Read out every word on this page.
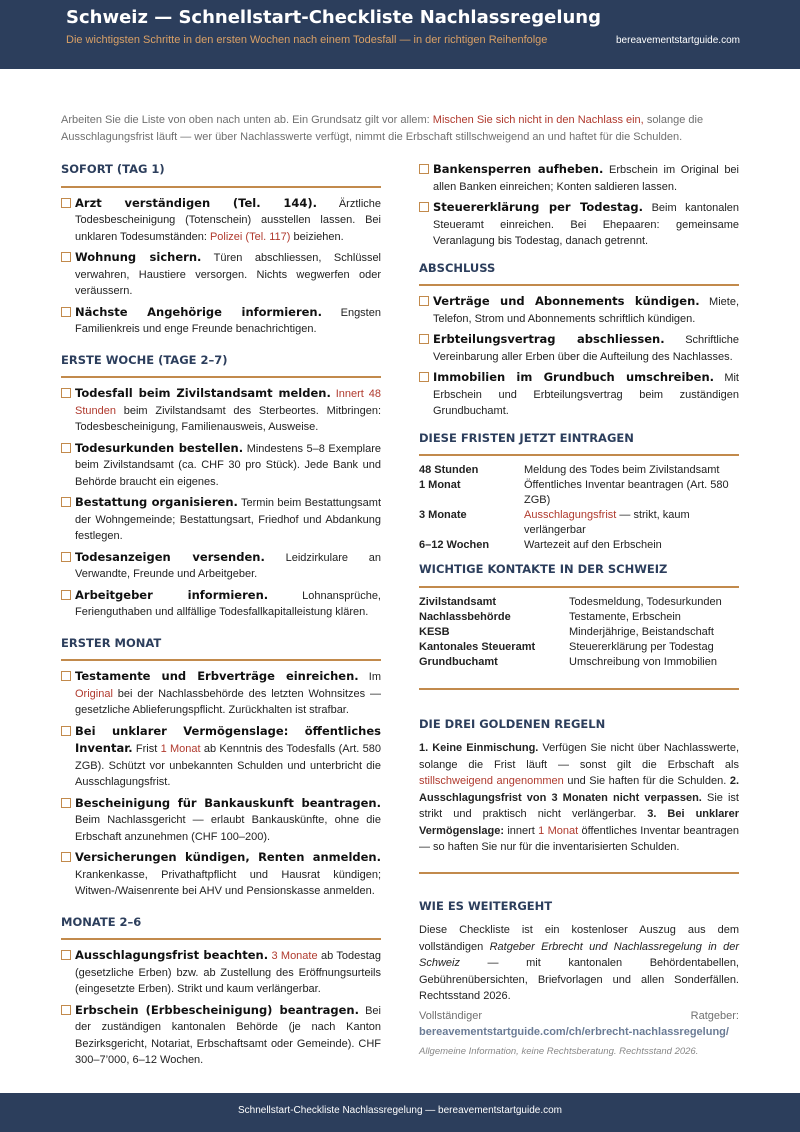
Schweiz — Schnellstart-Checkliste Nachlassregelung
Die wichtigsten Schritte in den ersten Wochen nach einem Todesfall — in der richtigen Reihenfolge	bereavementstartguide.com
Arbeiten Sie die Liste von oben nach unten ab. Ein Grundsatz gilt vor allem: Mischen Sie sich nicht in den Nachlass ein, solange die Ausschlagungsfrist läuft — wer über Nachlasswerte verfügt, nimmt die Erbschaft stillschweigend an und haftet für die Schulden.
SOFORT (TAG 1)
Arzt verständigen (Tel. 144). Ärztliche Todesbescheinigung (Totenschein) ausstellen lassen. Bei unklaren Todesumständen: Polizei (Tel. 117) beiziehen.
Wohnung sichern. Türen abschliessen, Schlüssel verwahren, Haustiere versorgen. Nichts wegwerfen oder veräussern.
Nächste Angehörige informieren. Engsten Familienkreis und enge Freunde benachrichtigen.
ERSTE WOCHE (TAGE 2–7)
Todesfall beim Zivilstandsamt melden. Innert 48 Stunden beim Zivilstandsamt des Sterbeortes. Mitbringen: Todesbescheinigung, Familienausweis, Ausweise.
Todesurkunden bestellen. Mindestens 5–8 Exemplare beim Zivilstandsamt (ca. CHF 30 pro Stück). Jede Bank und Behörde braucht ein eigenes.
Bestattung organisieren. Termin beim Bestattungsamt der Wohngemeinde; Bestattungsart, Friedhof und Abdankung festlegen.
Todesanzeigen versenden. Leidzirkulare an Verwandte, Freunde und Arbeitgeber.
Arbeitgeber informieren.	Lohnansprüche, Ferienguthaben und allfällige Todesfallkapitalleistung klären.
ERSTER MONAT
Testamente und Erbverträge einreichen. Im Original bei der Nachlassbehörde des letzten Wohnsitzes — gesetzliche Ablieferungspflicht. Zurückhalten ist strafbar.
Bei unklarer Vermögenslage: öffentliches Inventar. Frist 1 Monat ab Kenntnis des Todesfalls (Art. 580 ZGB). Schützt vor unbekannten Schulden und unterbricht die Ausschlagungsfrist.
Bescheinigung für Bankauskunft beantragen. Beim Nachlassgericht — erlaubt Bankauskünfte, ohne die Erbschaft anzunehmen (CHF 100–200).
Versicherungen kündigen, Renten anmelden. Krankenkasse, Privathaftpflicht und Hausrat kündigen; Witwen-/Waisenrente bei AHV und Pensionskasse anmelden.
MONATE 2–6
Ausschlagungsfrist beachten. 3 Monate ab Todestag (gesetzliche Erben) bzw. ab Zustellung des Eröffnungsurteils (eingesetzte Erben). Strikt und kaum verlängerbar.
Erbschein (Erbbescheinigung) beantragen. Bei der zuständigen kantonalen Behörde (je nach Kanton Bezirksgericht, Notariat, Erbschaftsamt oder Gemeinde). CHF 300–7’000, 6–12 Wochen.
Bankensperren aufheben. Erbschein im Original bei allen Banken einreichen; Konten saldieren lassen.
Steuererklärung per Todestag. Beim kantonalen Steueramt einreichen. Bei Ehepaaren: gemeinsame Veranlagung bis Todestag, danach getrennt.
ABSCHLUSS
Verträge und Abonnements kündigen. Miete, Telefon, Strom und Abonnements schriftlich kündigen.
Erbteilungsvertrag abschliessen. Schriftliche Vereinbarung aller Erben über die Aufteilung des Nachlasses.
Immobilien im Grundbuch umschreiben. Mit Erbschein und Erbteilungsvertrag beim zuständigen Grundbuchamt.
DIESE FRISTEN JETZT EINTRAGEN
48 Stunden	Meldung des Todes beim Zivilstandsamt
1 Monat	Öffentliches Inventar beantragen (Art. 580 ZGB)
3 Monate	Ausschlagungsfrist — strikt, kaum verlängerbar
6–12 Wochen	Wartezeit auf den Erbschein
WICHTIGE KONTAKTE IN DER SCHWEIZ
Zivilstandsamt	Todesmeldung, Todesurkunden
Nachlassbehörde	Testamente, Erbschein
KESB	Minderjährige, Beistandschaft
Kantonales Steueramt	Steuererklärung per Todestag
Grundbuchamt	Umschreibung von Immobilien
DIE DREI GOLDENEN REGELN

1. Keine Einmischung. Verfügen Sie nicht über Nachlasswerte, solange die Frist läuft — sonst gilt die Erbschaft als stillschweigend angenommen und Sie haften für die Schulden. 2. Ausschlagungsfrist von 3 Monaten nicht verpassen. Sie ist strikt und praktisch nicht verlängerbar. 3. Bei unklarer Vermögenslage: innert 1 Monat öffentliches Inventar beantragen — so haften Sie nur für die inventarisierten Schulden.

WIE ES WEITERGEHT

Diese Checkliste ist ein kostenloser Auszug aus dem vollständigen Ratgeber Erbrecht und Nachlassregelung in der Schweiz	— mit kantonalen Behördentabellen, Gebührenübersichten, Briefvorlagen und allen Sonderfällen. Rechtsstand 2026.

Vollständiger Ratgeber: bereavementstartguide.com/ch/erbrecht-nachlassregelung/

Allgemeine Information, keine Rechtsberatung. Rechtsstand 2026.

Schnellstart-Checkliste Nachlassregelung — bereavementstartguide.com
